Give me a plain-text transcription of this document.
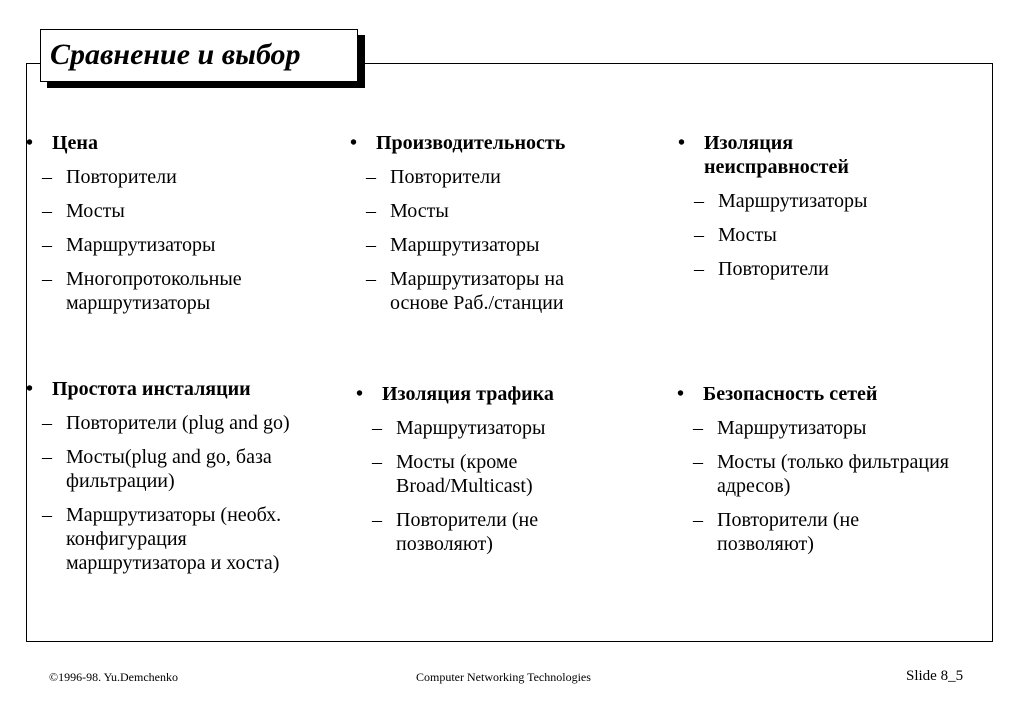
Сравнение и выбор
• Цена
– Повторители
– Мосты
– Маршрутизаторы
– Многопротокольные маршрутизаторы
• Производительность
– Повторители
– Мосты
– Маршрутизаторы
– Маршрутизаторы на основе Раб./станции
• Изоляция неисправностей
– Маршрутизаторы
– Мосты
– Повторители
• Простота инсталяции
– Повторители (plug and go)
– Мосты(plug and go, база фильтрации)
– Маршрутизаторы (необх. конфигурация маршрутизатора и хоста)
• Изоляция трафика
– Маршрутизаторы
– Мосты (кроме Broad/Multicast)
– Повторители (не позволяют)
• Безопасность сетей
– Маршрутизаторы
– Мосты (только фильтрация адресов)
– Повторители (не позволяют)
©1996-98. Yu.Demchenko	Computer Networking Technologies	Slide 8_5
